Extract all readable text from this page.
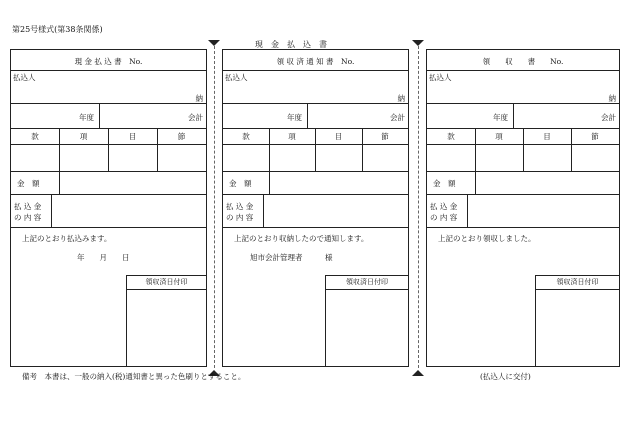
第25号様式(第38条関係)
現　金　払　込　書
現 金 払 込 書　No.
払込人
納
年度	会計
款	項	目	節
金　額
払 込 金
の 内 容
上記のとおり払込みます。
年　　月　　日
領収済日付印
領 収 済 通 知 書　No.
払込人
納
年度	会計
款	項	目	節
金　額
払 込 金
の 内 容
上記のとおり収納したので通知します。
旭市会計管理者　　　様
領収済日付印
領　　収　　書　　No.
払込人
納
年度	会計
款	項	目	節
金　額
払 込 金
の 内 容
上記のとおり領収しました。
領収済日付印
備考　本書は、一般の納入(税)通知書と異った色刷りとすること。	(払込人に交付)
